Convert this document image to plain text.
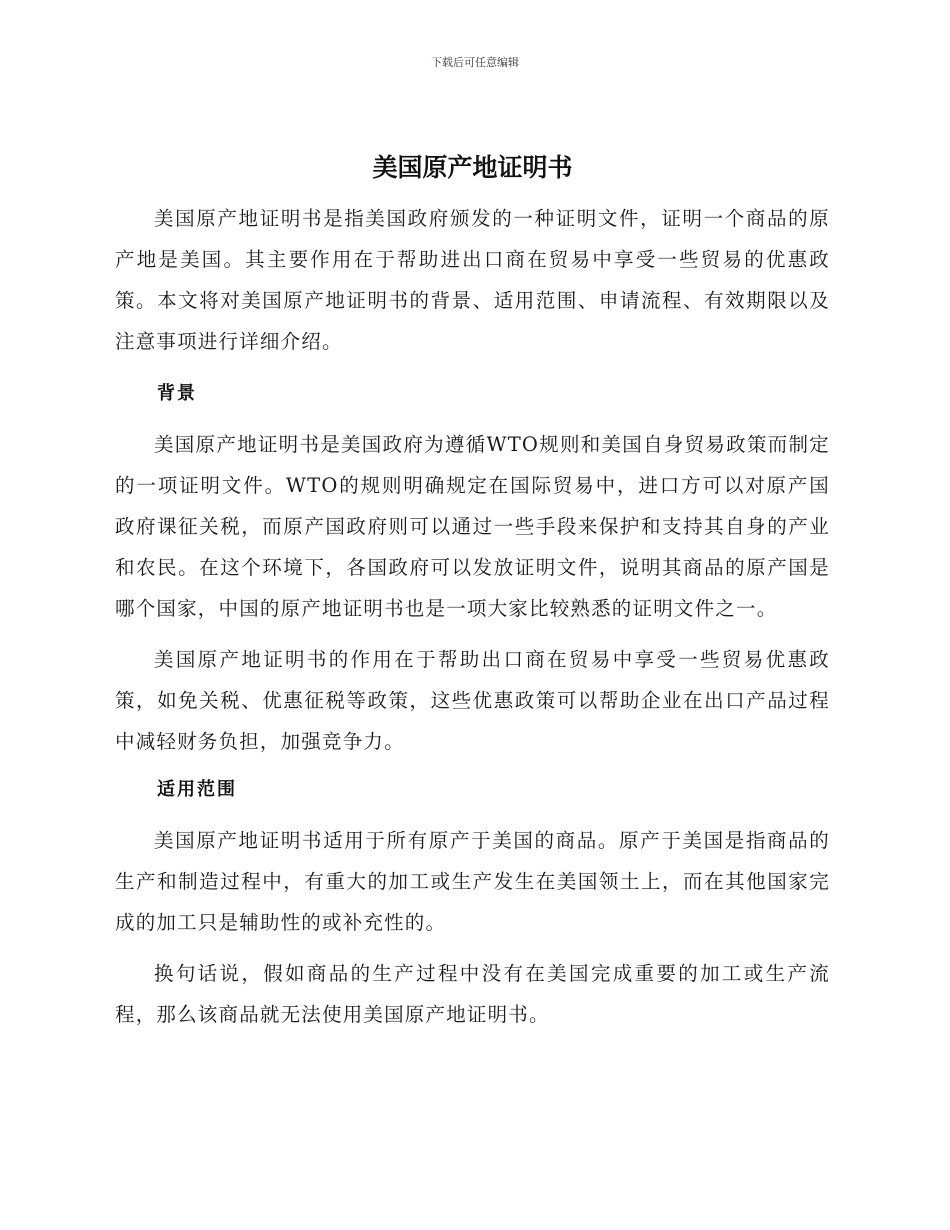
下载后可任意编辑
美国原产地证明书

美国原产地证明书是指美国政府颁发的一种证明文件，证明一个商品的原产地是美国。其主要作用在于帮助进出口商在贸易中享受一些贸易的优惠政策。本文将对美国原产地证明书的背景、适用范围、申请流程、有效期限以及注意事项进行详细介绍。

背景

美国原产地证明书是美国政府为遵循WTO规则和美国自身贸易政策而制定的一项证明文件。WTO的规则明确规定在国际贸易中，进口方可以对原产国政府课征关税，而原产国政府则可以通过一些手段来保护和支持其自身的产业和农民。在这个环境下，各国政府可以发放证明文件，说明其商品的原产国是哪个国家，中国的原产地证明书也是一项大家比较熟悉的证明文件之一。

美国原产地证明书的作用在于帮助出口商在贸易中享受一些贸易优惠政策，如免关税、优惠征税等政策，这些优惠政策可以帮助企业在出口产品过程中减轻财务负担，加强竞争力。

适用范围

美国原产地证明书适用于所有原产于美国的商品。原产于美国是指商品的生产和制造过程中，有重大的加工或生产发生在美国领土上，而在其他国家完成的加工只是辅助性的或补充性的。

换句话说，假如商品的生产过程中没有在美国完成重要的加工或生产流程，那么该商品就无法使用美国原产地证明书。
